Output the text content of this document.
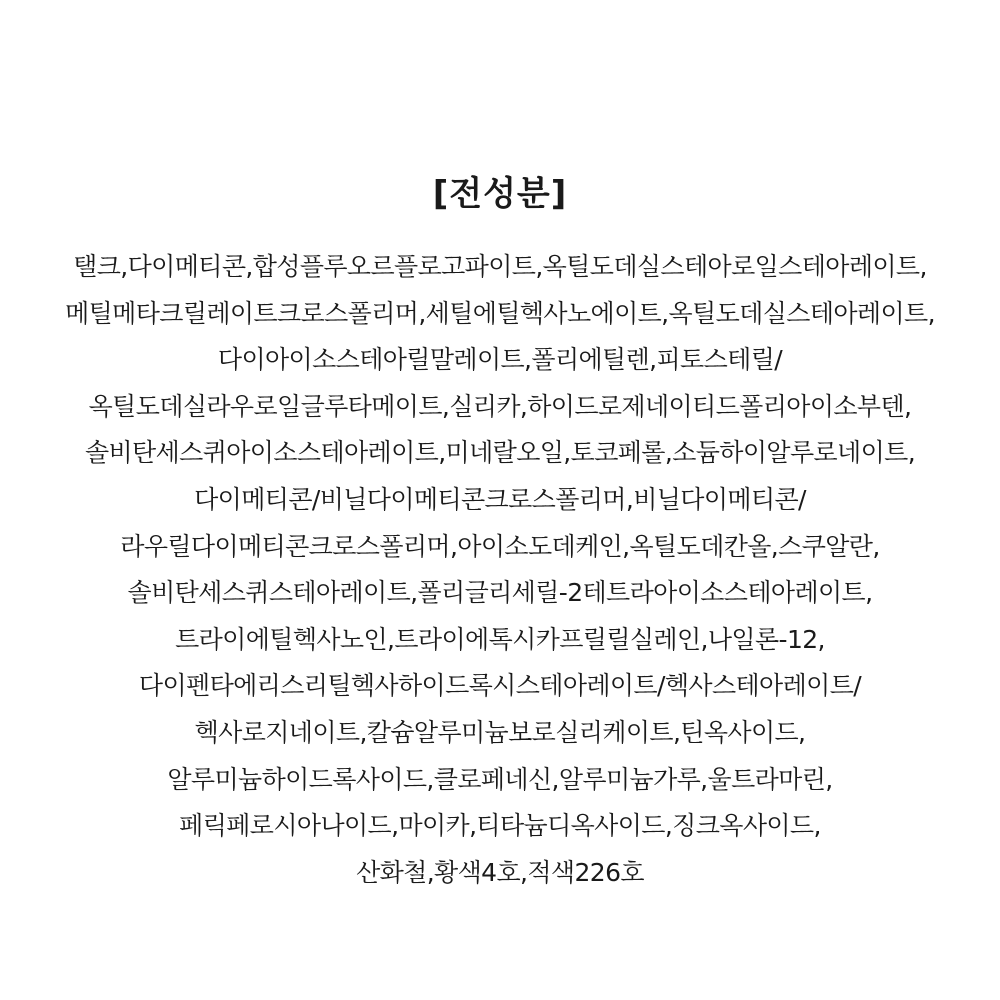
[전성분]
탤크,다이메티콘,합성플루오르플로고파이트,옥틸도데실스테아로일스테아레이트,
메틸메타크릴레이트크로스폴리머,세틸에틸헥사노에이트,옥틸도데실스테아레이트,
다이아이소스테아릴말레이트,폴리에틸렌,피토스테릴/
옥틸도데실라우로일글루타메이트,실리카,하이드로제네이티드폴리아이소부텐,
솔비탄세스퀴아이소스테아레이트,미네랄오일,토코페롤,소듐하이알루로네이트,
다이메티콘/비닐다이메티콘크로스폴리머,비닐다이메티콘/
라우릴다이메티콘크로스폴리머,아이소도데케인,옥틸도데칸올,스쿠알란,
솔비탄세스퀴스테아레이트,폴리글리세릴-2테트라아이소스테아레이트,
트라이에틸헥사노인,트라이에톡시카프릴릴실레인,나일론-12,
다이펜타에리스리틸헥사하이드록시스테아레이트/헥사스테아레이트/
헥사로지네이트,칼슘알루미늄보로실리케이트,틴옥사이드,
알루미늄하이드록사이드,클로페네신,알루미늄가루,울트라마린,
페릭페로시아나이드,마이카,티타늄디옥사이드,징크옥사이드,
산화철,황색4호,적색226호
